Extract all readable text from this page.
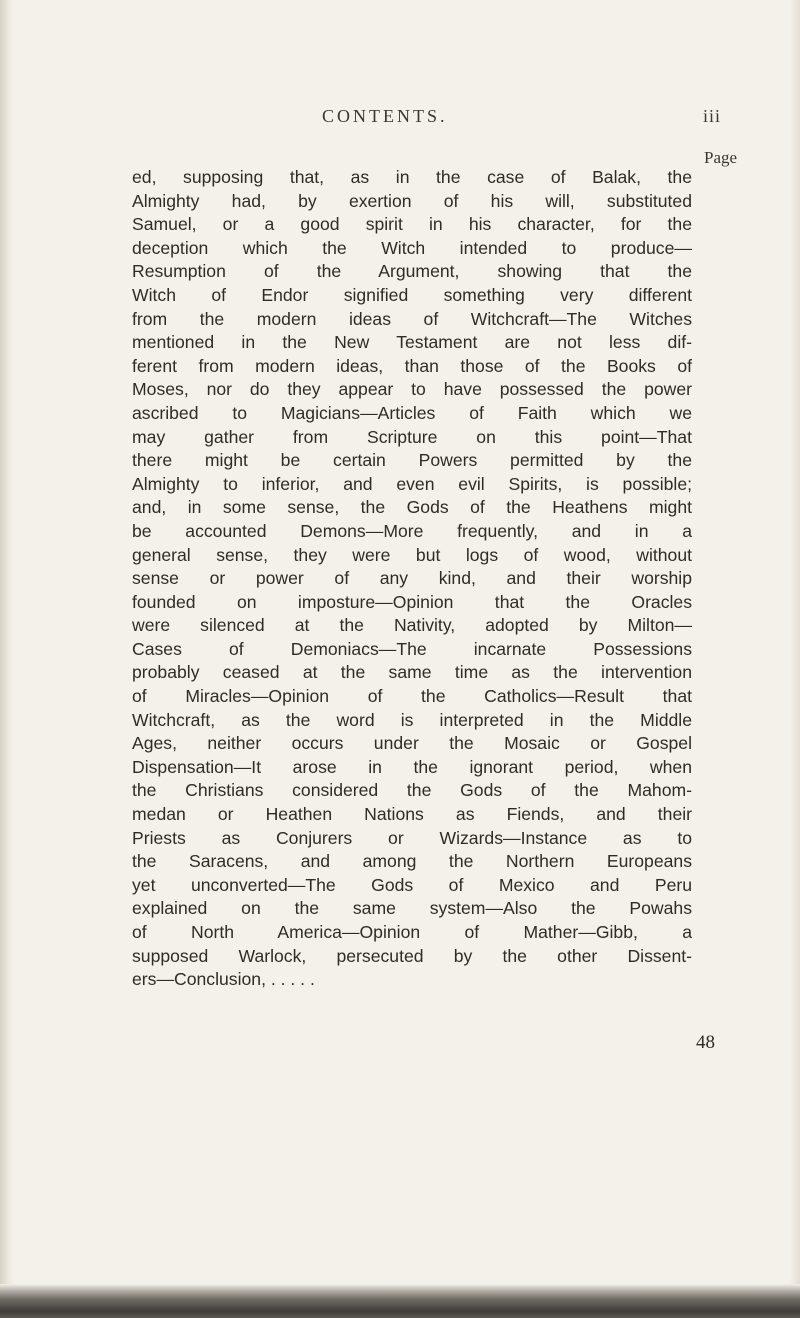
CONTENTS.	iii
Page
ed, supposing that, as in the case of Balak, the
Almighty had, by exertion of his will, substituted
Samuel, or a good spirit in his character, for the
deception which the Witch intended to produce—
Resumption of the Argument, showing that the
Witch of Endor signified something very different
from the modern ideas of Witchcraft—The Witches
mentioned in the New Testament are not less dif-
ferent from modern ideas, than those of the Books of
Moses, nor do they appear to have possessed the power
ascribed to Magicians—Articles of Faith which we
may gather from Scripture on this point—That
there might be certain Powers permitted by the
Almighty to inferior, and even evil Spirits, is possible;
and, in some sense, the Gods of the Heathens might
be accounted Demons—More frequently, and in a
general sense, they were but logs of wood, without
sense or power of any kind, and their worship
founded on imposture—Opinion that the Oracles
were silenced at the Nativity, adopted by Milton—
Cases of Demoniacs—The incarnate Possessions
probably ceased at the same time as the intervention
of Miracles—Opinion of the Catholics—Result that
Witchcraft, as the word is interpreted in the Middle
Ages, neither occurs under the Mosaic or Gospel
Dispensation—It arose in the ignorant period, when
the Christians considered the Gods of the Mahom-
medan or Heathen Nations as Fiends, and their
Priests as Conjurers or Wizards—Instance as to
the Saracens, and among the Northern Europeans
yet unconverted—The Gods of Mexico and Peru
explained on the same system—Also the Powahs
of North America—Opinion of Mather—Gibb, a
supposed Warlock, persecuted by the other Dissent-
ers—Conclusion, . . . . .
48
